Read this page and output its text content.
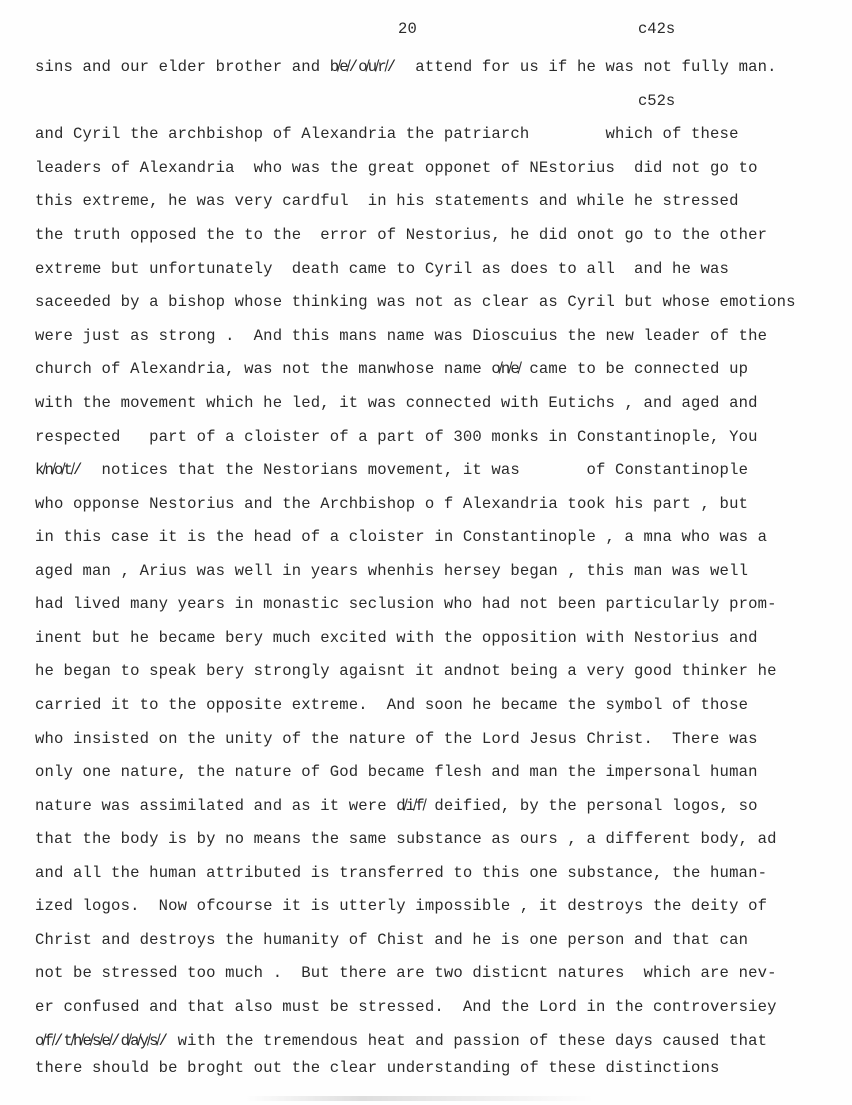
20	c42s
c52s
sins and our elder brother and b̸e̸/o̸u̸r̸/  attend for us if he was not fully man.
and Cyril the archbishop of Alexandria the patriarch        which of these
leaders of Alexandria  who was the great opponet of NEstorius  did not go to
this extreme, he was very cardful  in his statements and while he stressed
the truth opposed the to the  error of Nestorius, he did onot go to the other
extreme but unfortunately  death came to Cyril as does to all  and he was
saceeded by a bishop whose thinking was not as clear as Cyril but whose emotions
were just as strong .  And this mans name was Dioscuius the new leader of the
church of Alexandria, was not the manwhose name o̸n̸e̸ came to be connected up
with the movement which he led, it was connected with Eutichs , and aged and
respected   part of a cloister of a part of 300 monks in Constantinople, You
k̸n̸o̸t̸/  notices that the Nestorians movement, it was       of Constantinople
who opponse Nestorius and the Archbishop o f Alexandria took his part , but
in this case it is the head of a cloister in Constantinople , a mna who was a
aged man , Arius was well in years whenhis hersey began , this man was well
had lived many years in monastic seclusion who had not been particularly prom-
inent but he became bery much excited with the opposition with Nestorius and
he began to speak bery strongly agaisnt it andnot being a very good thinker he
carried it to the opposite extreme.  And soon he became the symbol of those
who insisted on the unity of the nature of the Lord Jesus Christ.  There was
only one nature, the nature of God became flesh and man the impersonal human
nature was assimilated and as it were d̸i̸f̸ deified, by the personal logos, so
that the body is by no means the same substance as ours , a different body, ad
and all the human attributed is transferred to this one substance, the human-
ized logos.  Now ofcourse it is utterly impossible , it destroys the deity of
Christ and destroys the humanity of Chist and he is one person and that can
not be stressed too much .  But there are two disticnt natures  which are nev-
er confused and that also must be stressed.  And the Lord in the controversiey
o̸f̸/t̸h̸e̸s̸e̸/d̸a̸y̸s̸/ with the tremendous heat and passion of these days caused that
there should be broght out the clear understanding of these distinctions
